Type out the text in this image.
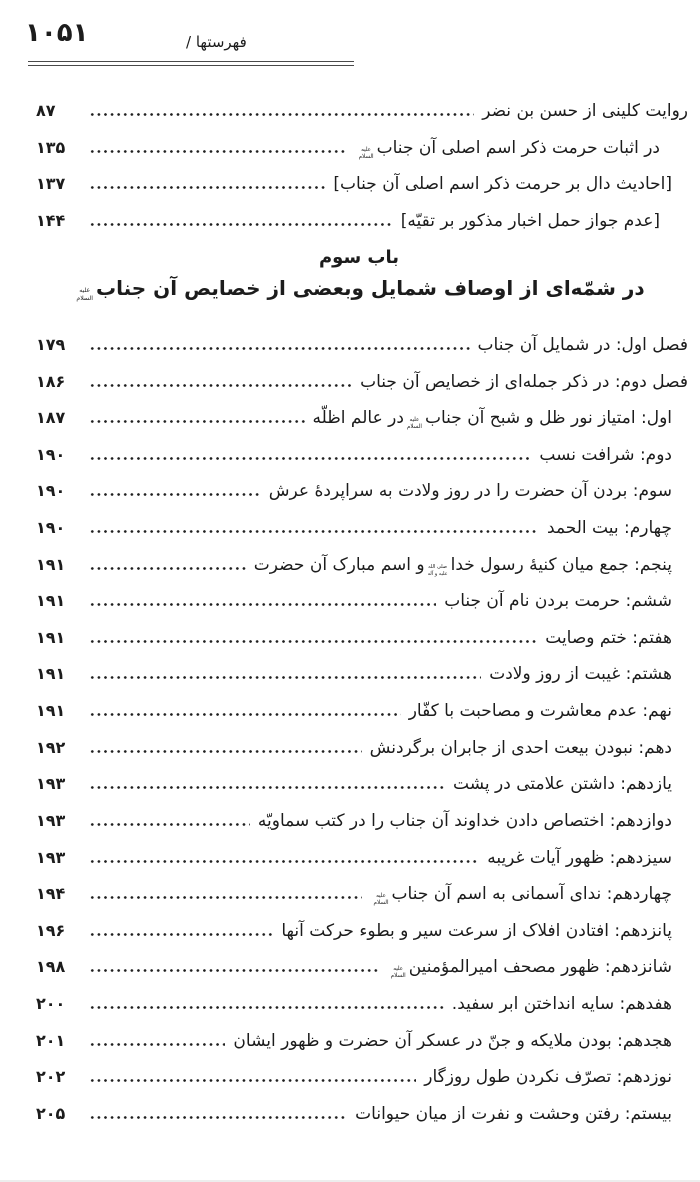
۱۰۵۱	/ فهرستها
روایت کلینی از حسن بن نضر
۸۷
در اثبات حرمت ذکر اسم اصلی آن جناب
علیه
السلام
۱۳۵
[احادیث دال بر حرمت ذکر اسم اصلی آن جناب]
۱۳۷
[عدم جواز حمل اخبار مذکور بر تقیّه]
۱۴۴
باب سوم
در شمّه‌ای از اوصاف شمایل وبعضی از خصایص آن جناب
علیه
السلام
فصل اول: در شمایل آن جناب
۱۷۹
فصل دوم: در ذکر جمله‌ای از خصایص آن جناب
۱۸۶
اول: امتیاز نور ظل و شبح آن جناب
علیه
السلام
در عالم اظلّه
۱۸۷
دوم: شرافت نسب
۱۹۰
سوم: بردن آن حضرت را در روز ولادت به سراپردهٔ عرش
۱۹۰
چهارم: بیت الحمد
۱۹۰
پنجم: جمع میان کنیهٔ رسول خدا
صلی الله
علیه و آله
و اسم مبارک آن حضرت
۱۹۱
ششم: حرمت بردن نام آن جناب
۱۹۱
هفتم: ختم وصایت
۱۹۱
هشتم: غیبت از روز ولادت
۱۹۱
نهم: عدم معاشرت و مصاحبت با کفّار
۱۹۱
دهم: نبودن بیعت احدی از جابران برگردنش
۱۹۲
یازدهم: داشتن علامتی در پشت
۱۹۳
دوازدهم: اختصاص دادن خداوند آن جناب را در کتب سماویّه
۱۹۳
سیزدهم: ظهور آیات غریبه
۱۹۳
چهاردهم: ندای آسمانی به اسم آن جناب
علیه
السلام
۱۹۴
پانزدهم: افتادن افلاک از سرعت سیر و بطوء حرکت آنها
۱۹۶
شانزدهم: ظهور مصحف امیرالمؤمنین
علیه
السلام
۱۹۸
هفدهم: سایه انداختن ابر سفید.
۲۰۰
هجدهم: بودن ملایکه و جنّ در عسکر آن حضرت و ظهور ایشان
۲۰۱
نوزدهم: تصرّف نکردن طول روزگار
۲۰۲
بیستم: رفتن وحشت و نفرت از میان حیوانات
۲۰۵
